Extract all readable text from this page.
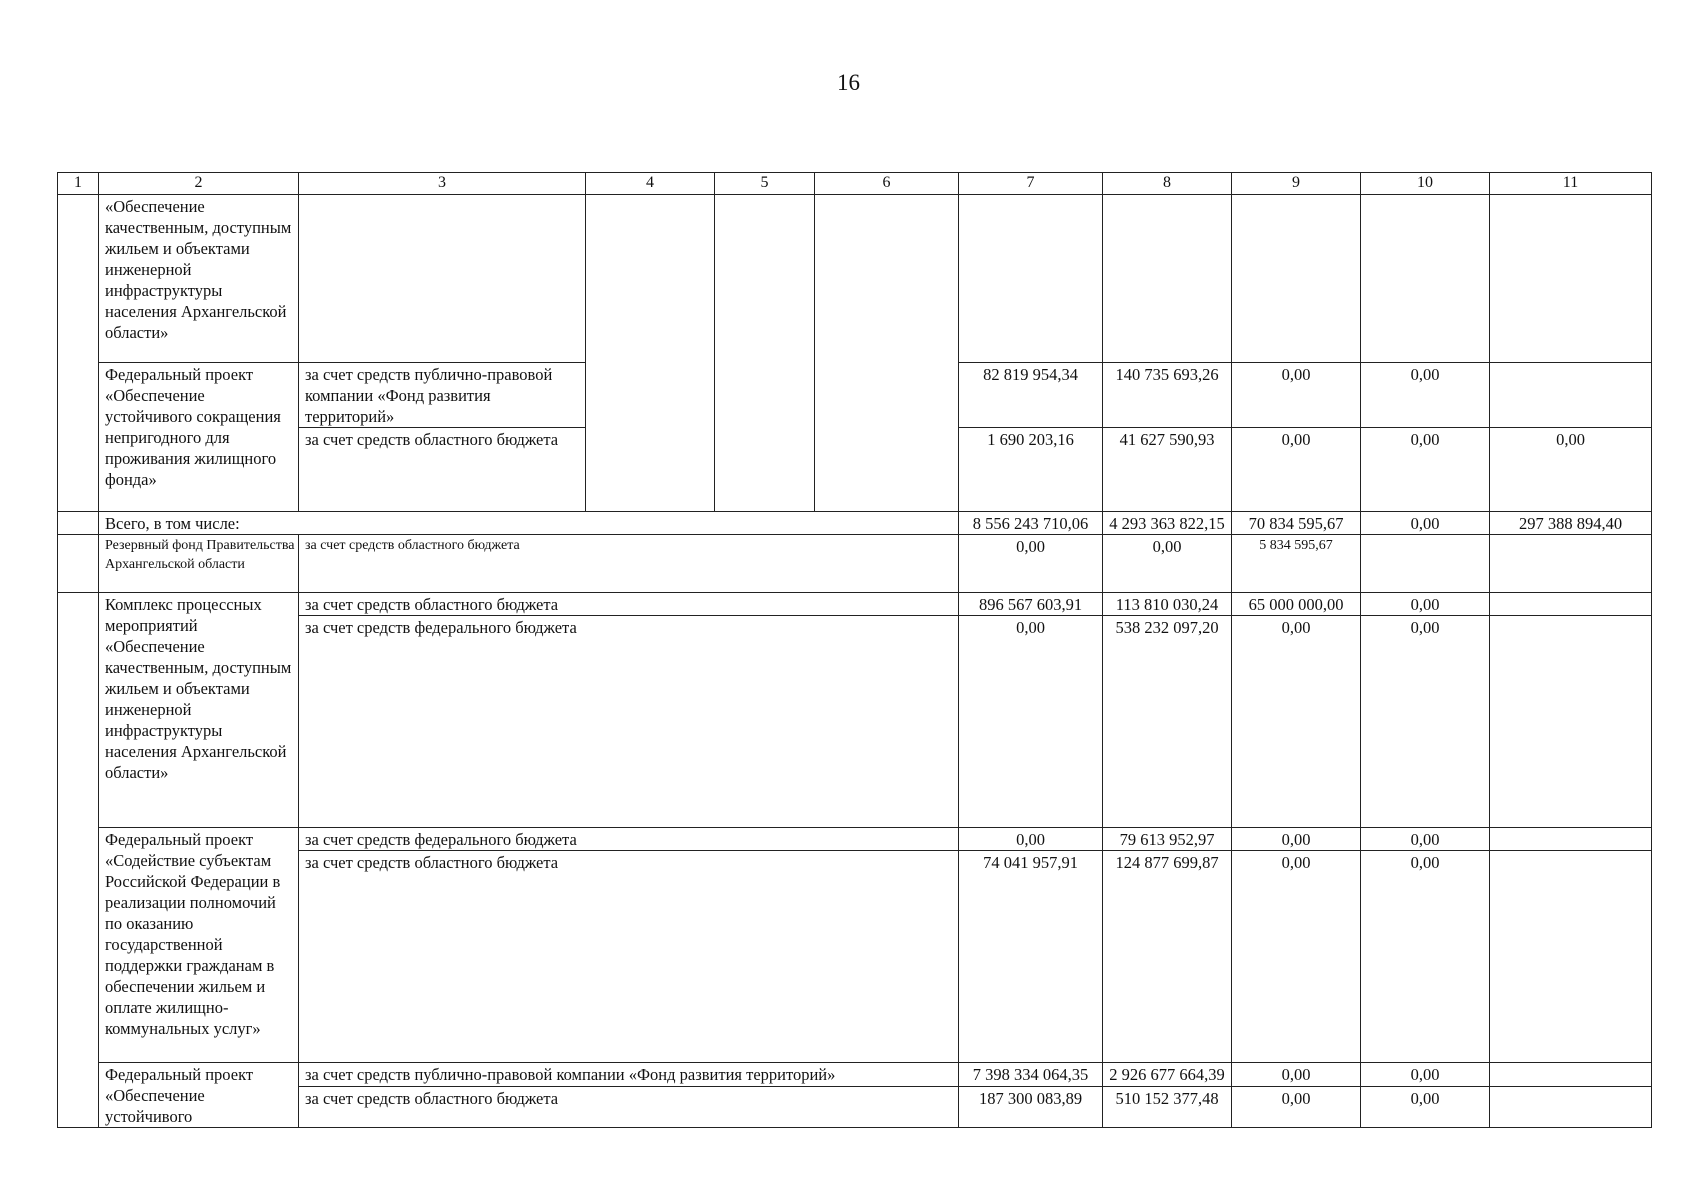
16
1	2	3	4	5	6	7	8	9	10	11
	«Обеспечение качественным, доступным жильем и объектами инженерной инфраструктуры населения Архангельской области»									
	Федеральный проект «Обеспечение устойчивого сокращения непригодного для проживания жилищного фонда»	за счет средств публично-правовой компании «Фонд развития территорий»				82 819 954,34	140 735 693,26	0,00	0,00	
		за счет средств областного бюджета				1 690 203,16	41 627 590,93	0,00	0,00	0,00
	Всего, в том числе:					8 556 243 710,06	4 293 363 822,15	70 834 595,67	0,00	297 388 894,40
	Резервный фонд Правительства Архангельской области	за счет средств областного бюджета				0,00	0,00	5 834 595,67		
	Комплекс процессных мероприятий «Обеспечение качественным, доступным жильем и объектами инженерной инфраструктуры населения Архангельской области»	за счет средств областного бюджета				896 567 603,91	113 810 030,24	65 000 000,00	0,00	
		за счет средств федерального бюджета				0,00	538 232 097,20	0,00	0,00	
	Федеральный проект «Содействие субъектам Российской Федерации в реализации полномочий по оказанию государственной поддержки гражданам в обеспечении жильем и оплате жилищно-коммунальных услуг»	за счет средств федерального бюджета				0,00	79 613 952,97	0,00	0,00	
		за счет средств областного бюджета				74 041 957,91	124 877 699,87	0,00	0,00	
	Федеральный проект «Обеспечение устойчивого	за счет средств публично-правовой компании «Фонд развития территорий»				7 398 334 064,35	2 926 677 664,39	0,00	0,00	
		за счет средств областного бюджета				187 300 083,89	510 152 377,48	0,00	0,00	
